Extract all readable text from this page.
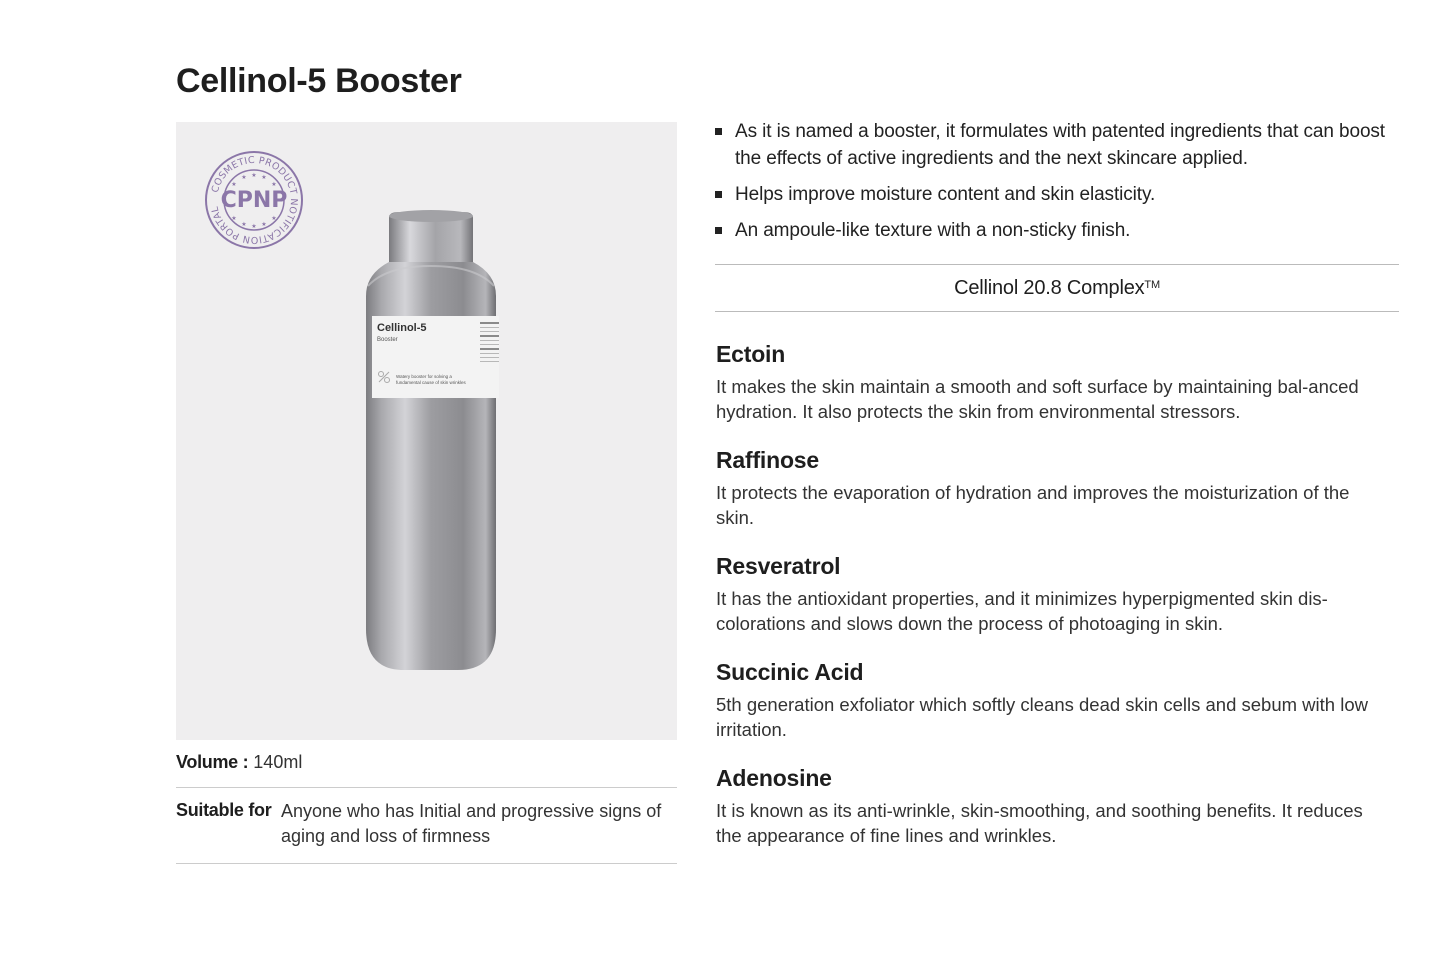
Cellinol-5 Booster
COSMETIC PRODUCT NOTIFICATION PORTAL CPNP
★
★ ★ ★
★
★
★ ★ ★
★
Cellinol-5
Booster
Watery booster for solving a fundamental cause of skin wrinkles
Volume : 140ml
Suitable for Anyone who has Initial and progressive signs of aging and loss of firmness
As it is named a booster, it formulates with patented ingredients that can boost the effects of active ingredients and the next skincare applied.
Helps improve moisture content and skin elasticity.
An ampoule-like texture with a non-sticky finish.
Cellinol 20.8 Complex™
Ectoin

It makes the skin maintain a smooth and soft surface by maintaining bal-anced hydration. It also protects the skin from environmental stressors.

Raffinose

It protects the evaporation of hydration and improves the moisturization of the skin.

Resveratrol

It has the antioxidant properties, and it minimizes hyperpigmented skin dis-colorations and slows down the process of photoaging in skin.

Succinic Acid

5th generation exfoliator which softly cleans dead skin cells and sebum with low irritation.

Adenosine

It is known as its anti-wrinkle, skin-smoothing, and soothing benefits. It reduces the appearance of fine lines and wrinkles.
